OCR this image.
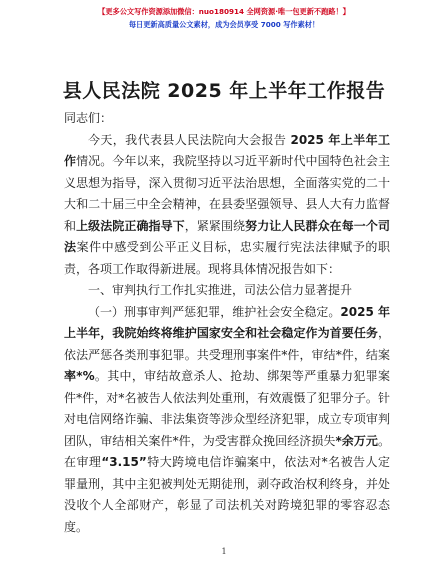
【更多公文写作资源添加微信：nuo180914 全网资源·唯一包更新不跑路！】
每日更新高质量公文素材，成为会员享受 7000 写作素材！
县人民法院 2025 年上半年工作报告

同志们：

今天，我代表县人民法院向大会报告 2025 年上半年工作情况。今年以来，我院坚持以习近平新时代中国特色社会主义思想为指导，深入贯彻习近平法治思想，全面落实党的二十大和二十届三中全会精神，在县委坚强领导、县人大有力监督和上级法院正确指导下，紧紧围绕努力让人民群众在每一个司法案件中感受到公平正义目标，忠实履行宪法法律赋予的职责，各项工作取得新进展。现将具体情况报告如下：

一、审判执行工作扎实推进，司法公信力显著提升

（一）刑事审判严惩犯罪，维护社会安全稳定。2025 年上半年，我院始终将维护国家安全和社会稳定作为首要任务，依法严惩各类刑事犯罪。共受理刑事案件*件，审结*件，结案率*%。其中，审结故意杀人、抢劫、绑架等严重暴力犯罪案件*件，对*名被告人依法判处重刑，有效震慑了犯罪分子。针对电信网络诈骗、非法集资等涉众型经济犯罪，成立专项审判团队，审结相关案件*件，为受害群众挽回经济损失*余万元。在审理“3.15”特大跨境电信诈骗案中，依法对*名被告人定罪量刑，其中主犯被判处无期徒刑，剥夺政治权利终身，并处没收个人全部财产，彰显了司法机关对跨境犯罪的零容忍态度。

1
